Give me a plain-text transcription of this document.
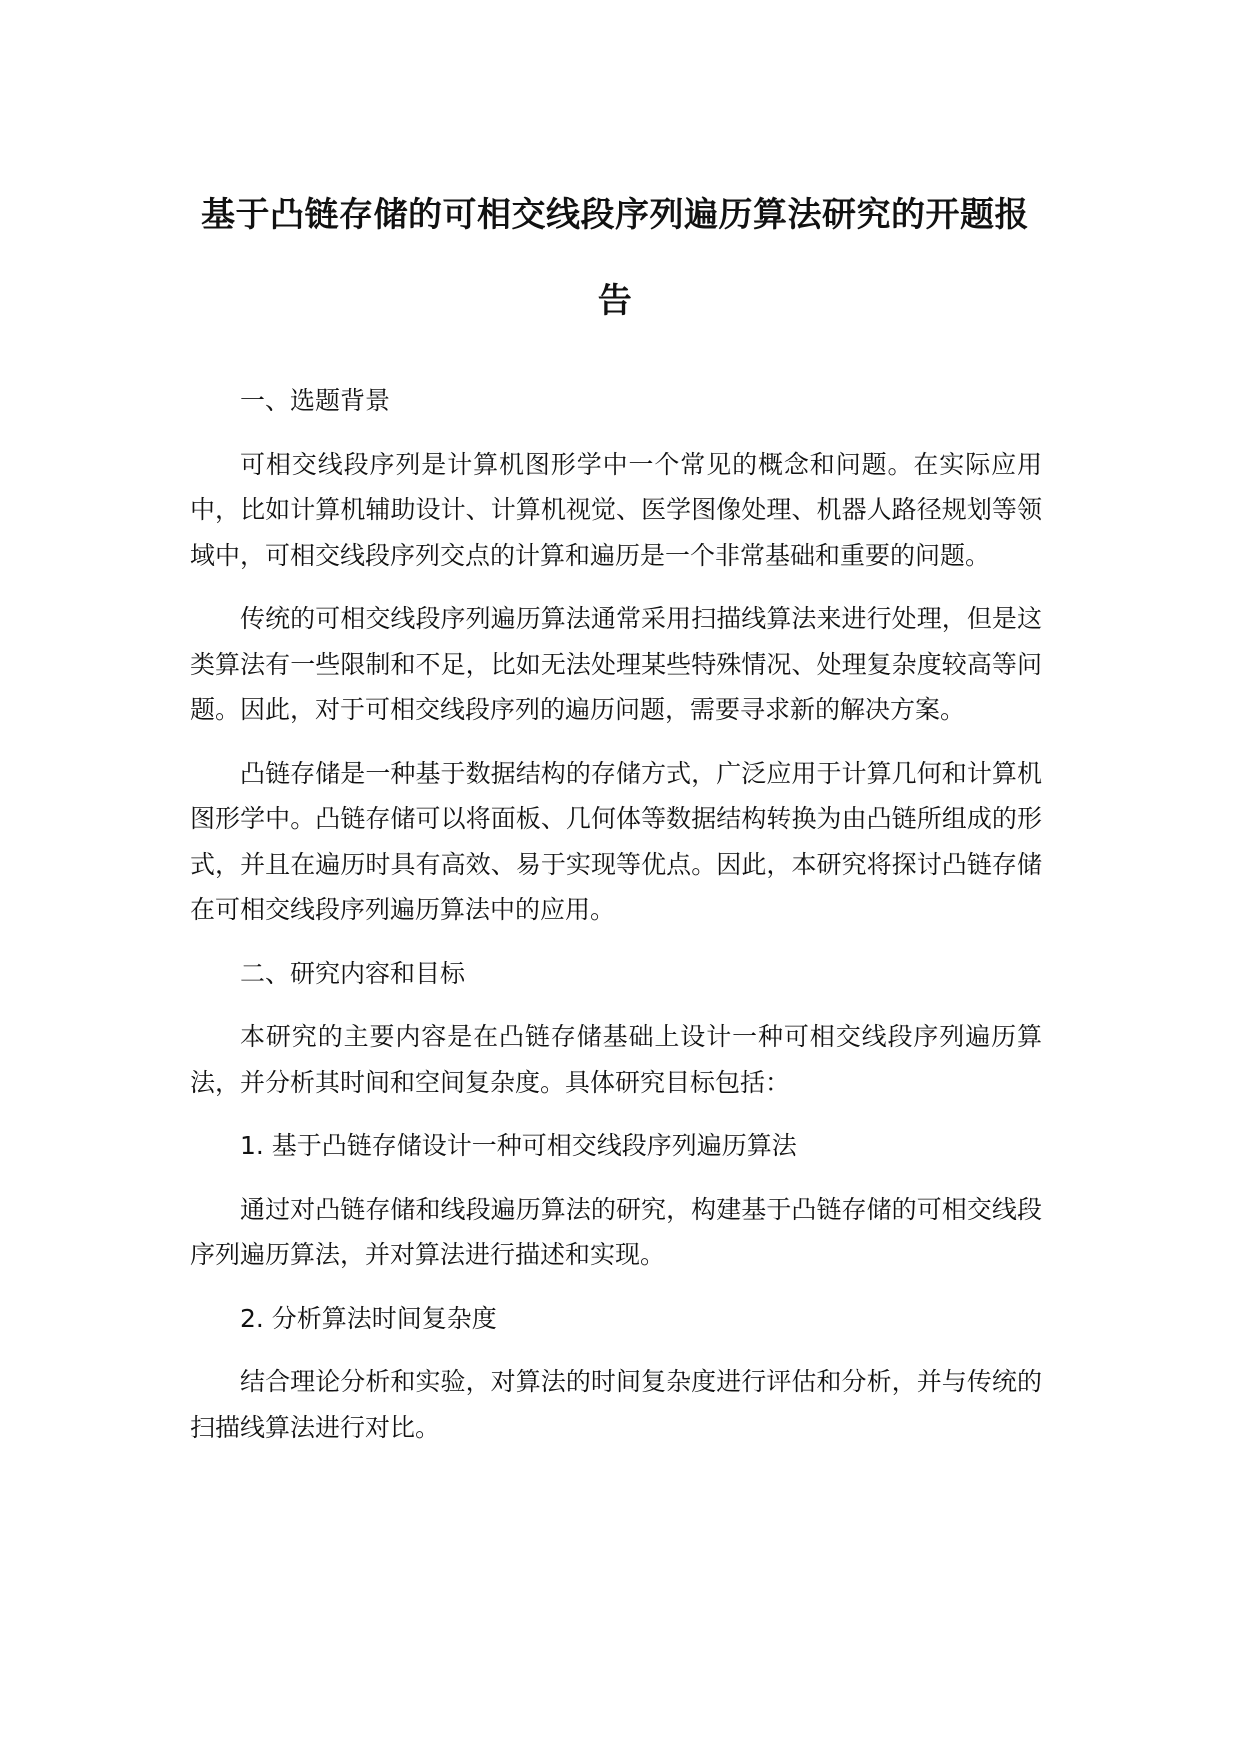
基于凸链存储的可相交线段序列遍历算法研究的开题报告

一、选题背景

可相交线段序列是计算机图形学中一个常见的概念和问题。在实际应用中，比如计算机辅助设计、计算机视觉、医学图像处理、机器人路径规划等领域中，可相交线段序列交点的计算和遍历是一个非常基础和重要的问题。

传统的可相交线段序列遍历算法通常采用扫描线算法来进行处理，但是这类算法有一些限制和不足，比如无法处理某些特殊情况、处理复杂度较高等问题。因此，对于可相交线段序列的遍历问题，需要寻求新的解决方案。

凸链存储是一种基于数据结构的存储方式，广泛应用于计算几何和计算机图形学中。凸链存储可以将面板、几何体等数据结构转换为由凸链所组成的形式，并且在遍历时具有高效、易于实现等优点。因此，本研究将探讨凸链存储在可相交线段序列遍历算法中的应用。

二、研究内容和目标

本研究的主要内容是在凸链存储基础上设计一种可相交线段序列遍历算法，并分析其时间和空间复杂度。具体研究目标包括：

1. 基于凸链存储设计一种可相交线段序列遍历算法

通过对凸链存储和线段遍历算法的研究，构建基于凸链存储的可相交线段序列遍历算法，并对算法进行描述和实现。

2. 分析算法时间复杂度

结合理论分析和实验，对算法的时间复杂度进行评估和分析，并与传统的扫描线算法进行对比。
